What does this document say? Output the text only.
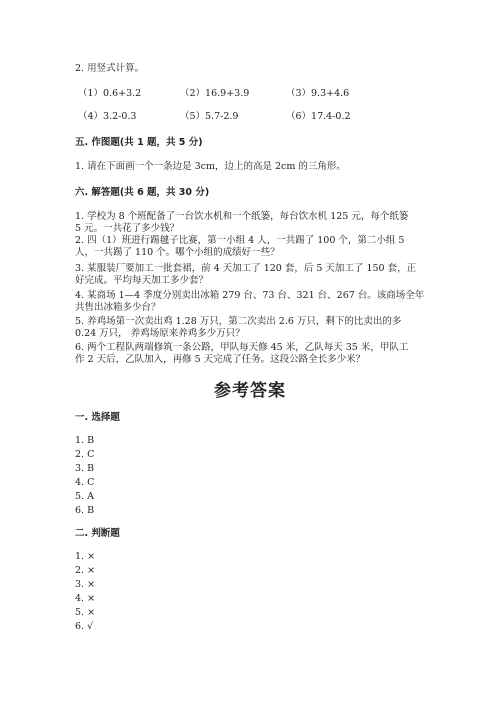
2. 用竖式计算。
（1）0.6+3.2	（2）16.9+3.9	（3）9.3+4.6
（4）3.2-0.3	（5）5.7-2.9	（6）17.4-0.2
五. 作图题(共 1 题，共 5 分)
1. 请在下面画一个一条边是 3cm，边上的高是 2cm 的三角形。
六. 解答题(共 6 题，共 30 分)
1. 学校为 8 个班配备了一台饮水机和一个纸篓，每台饮水机 125 元，每个纸篓
5 元。一共花了多少钱？
2. 四（1）班进行踢毽子比赛，第一小组 4 人，一共踢了 100 个，第二小组 5
人，一共踢了 110 个。哪个小组的成绩好一些？
3. 某服装厂要加工一批套裙，前 4 天加工了 120 套，后 5 天加工了 150 套，正
好完成。平均每天加工多少套？
4. 某商场 1—4 季度分别卖出冰箱 279 台、73 台、321 台、267 台。该商场全年
共售出冰箱多少台？
5. 养鸡场第一次卖出鸡 1.28 万只，第二次卖出 2.6 万只，剩下的比卖出的多
0.24 万只， 养鸡场原来养鸡多少万只？
6. 两个工程队两端修筑一条公路，甲队每天修 45 米，乙队每天 35 米，甲队工
作 2 天后，乙队加入，再修 5 天完成了任务。这段公路全长多少米？
参考答案
一. 选择题
1. B
2. C
3. B
4. C
5. A
6. B
二. 判断题
1. ×
2. ×
3. ×
4. ×
5. ×
6. √
